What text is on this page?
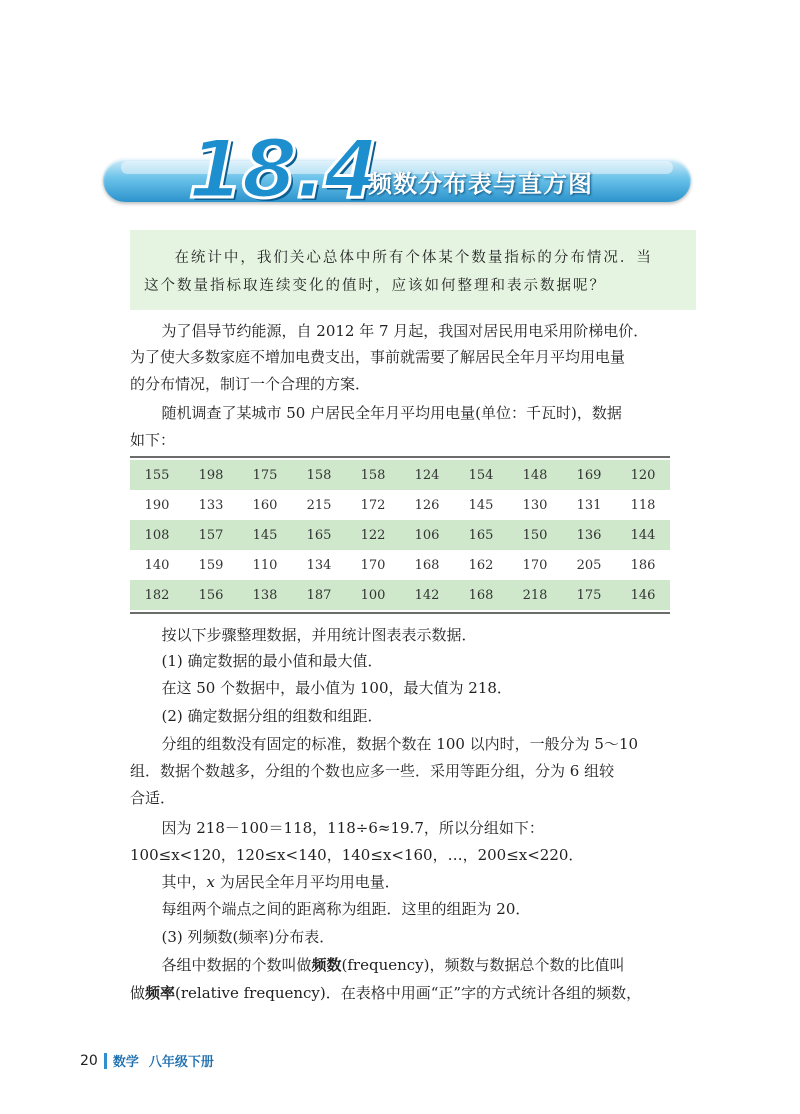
18.4
频数分布表与直方图

在统计中，我们关心总体中所有个体某个数量指标的分布情况．当

这个数量指标取连续变化的值时，应该如何整理和表示数据呢？

为了倡导节约能源，自 2012 年 7 月起，我国对居民用电采用阶梯电价．

为了使大多数家庭不增加电费支出，事前就需要了解居民全年月平均用电量

的分布情况，制订一个合理的方案．

随机调查了某城市 50 户居民全年月平均用电量(单位：千瓦时)，数据

如下：

155	198	175	158	158	124	154	148	169	120
190	133	160	215	172	126	145	130	131	118
108	157	145	165	122	106	165	150	136	144
140	159	110	134	170	168	162	170	205	186
182	156	138	187	100	142	168	218	175	146

按以下步骤整理数据，并用统计图表表示数据．

(1) 确定数据的最小值和最大值．

在这 50 个数据中，最小值为 100，最大值为 218．

(2) 确定数据分组的组数和组距．

分组的组数没有固定的标准，数据个数在 100 以内时，一般分为 5～10

组．数据个数越多，分组的个数也应多一些．采用等距分组，分为 6 组较

合适．

因为 218－100＝118，118÷6≈19.7，所以分组如下：

100≤x<120，120≤x<140，140≤x<160，…，200≤x<220．

其中，x 为居民全年月平均用电量．

每组两个端点之间的距离称为组距．这里的组距为 20．

(3) 列频数(频率)分布表．

各组中数据的个数叫做频数(frequency)，频数与数据总个数的比值叫

做频率(relative frequency)．在表格中用画“正”字的方式统计各组的频数，

20 数学 八年级下册
